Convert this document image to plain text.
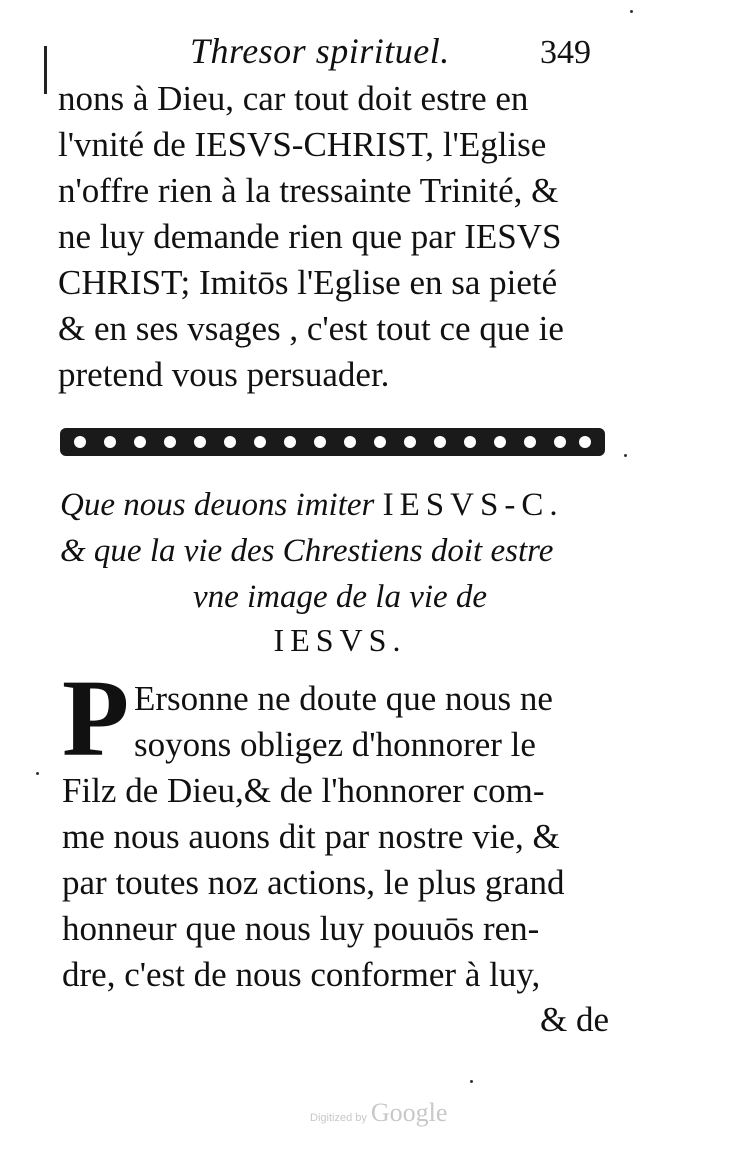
Thresor spirituel.	349
nons à Dieu, car tout doit estre en
l'vnité de IESVS-CHRIST, l'Eglise
n'offre rien à la tressainte Trinité, &
ne luy demande rien que par IESVS
CHRIST; Imitōs l'Eglise en sa pieté
& en ses vsages , c'est tout ce que ie
pretend vous persuader.
Que nous deuons imiter IESVS-C.
& que la vie des Chrestiens doit estre
vne image de la vie de
IESVS.
P Ersonne ne doute que nous ne
soyons obligez d'honnorer le
Filz de Dieu,& de l'honnorer com-
me nous auons dit par nostre vie, &
par toutes noz actions, le plus grand
honneur que nous luy pouuōs ren-
dre, c'est de nous conformer à luy,
& de
Digitized by Google
